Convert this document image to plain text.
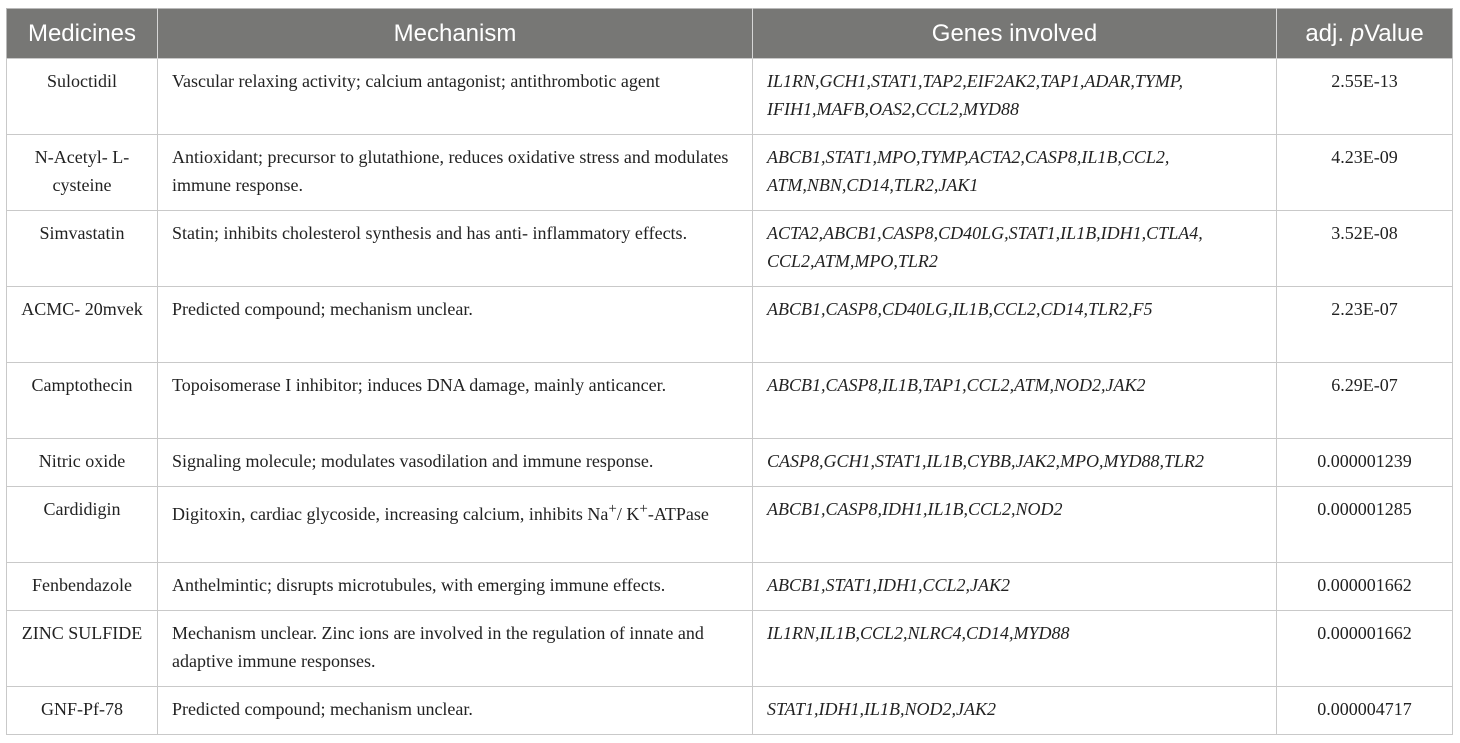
Medicines	Mechanism	Genes involved	adj. pValue
Suloctidil	Vascular relaxing activity; calcium antagonist; antithrombotic agent	IL1RN,GCH1,STAT1,TAP2,EIF2AK2,TAP1,ADAR,TYMP, IFIH1,MAFB,OAS2,CCL2,MYD88	2.55E-13
N-Acetyl- L-cysteine	Antioxidant; precursor to glutathione, reduces oxidative stress and modulates immune response.	ABCB1,STAT1,MPO,TYMP,ACTA2,CASP8,IL1B,CCL2, ATM,NBN,CD14,TLR2,JAK1	4.23E-09
Simvastatin	Statin; inhibits cholesterol synthesis and has anti- inflammatory effects.	ACTA2,ABCB1,CASP8,CD40LG,STAT1,IL1B,IDH1,CTLA4, CCL2,ATM,MPO,TLR2	3.52E-08
ACMC- 20mvek	Predicted compound; mechanism unclear.	ABCB1,CASP8,CD40LG,IL1B,CCL2,CD14,TLR2,F5	2.23E-07
Camptothecin	Topoisomerase I inhibitor; induces DNA damage, mainly anticancer.	ABCB1,CASP8,IL1B,TAP1,CCL2,ATM,NOD2,JAK2	6.29E-07
Nitric oxide	Signaling molecule; modulates vasodilation and immune response.	CASP8,GCH1,STAT1,IL1B,CYBB,JAK2,MPO,MYD88,TLR2	0.000001239
Cardidigin	Digitoxin, cardiac glycoside, increasing calcium, inhibits Na+/ K+-ATPase	ABCB1,CASP8,IDH1,IL1B,CCL2,NOD2	0.000001285
Fenbendazole	Anthelmintic; disrupts microtubules, with emerging immune effects.	ABCB1,STAT1,IDH1,CCL2,JAK2	0.000001662
ZINC SULFIDE	Mechanism unclear. Zinc ions are involved in the regulation of innate and adaptive immune responses.	IL1RN,IL1B,CCL2,NLRC4,CD14,MYD88	0.000001662
GNF-Pf-78	Predicted compound; mechanism unclear.	STAT1,IDH1,IL1B,NOD2,JAK2	0.000004717
